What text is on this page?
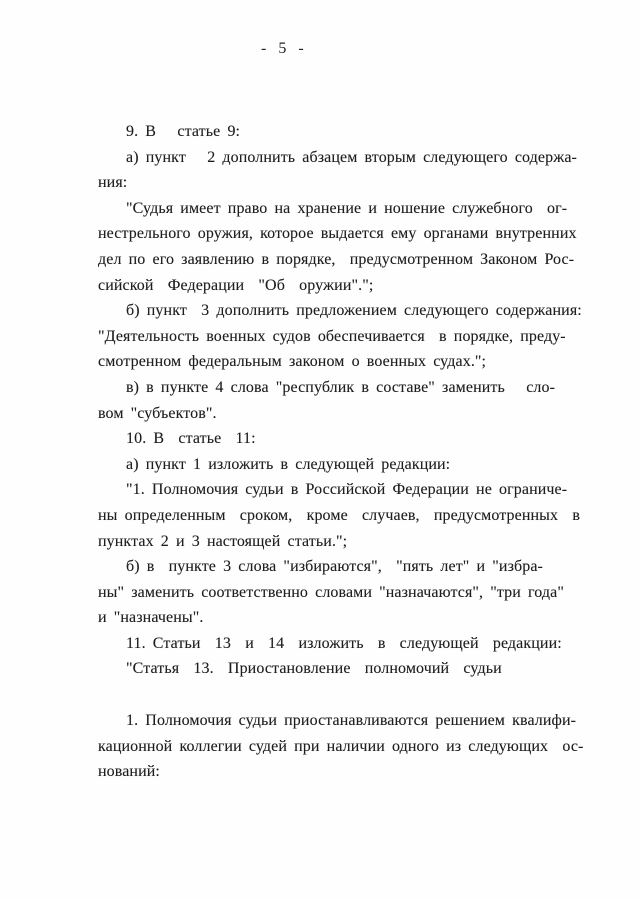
- 5 -
9. В   статье 9:
а) пункт   2 дополнить абзацем вторым следующего содержа-
ния:
"Судья имеет право на хранение и ношение служебного  ог-
нестрельного оружия, которое выдается ему органами внутренних
дел по его заявлению в порядке,  предусмотренном Законом Рос-
сийской  Федерации  "Об  оружии".";
б) пункт  3 дополнить предложением следующего содержания:
"Деятельность военных судов обеспечивается  в порядке, преду-
смотренном федеральным законом о военных судах.";
в) в пункте 4 слова "республик в составе" заменить   сло-
вом "субъектов".
10. В  статье  11:
а) пункт 1 изложить в следующей редакции:
"1. Полномочия судьи в Российской Федерации не ограниче-
ны определенным  сроком,  кроме  случаев,  предусмотренных  в
пунктах 2 и 3 настоящей статьи.";
б) в  пункте 3 слова "избираются",  "пять лет" и "избра-
ны" заменить соответственно словами "назначаются", "три года"
и "назначены".
11. Статьи  13  и  14  изложить  в  следующей  редакции:
"Статья  13.  Приостановление  полномочий  судьи
1. Полномочия судьи приостанавливаются решением квалифи-
кационной коллегии судей при наличии одного из следующих  ос-
нований:
